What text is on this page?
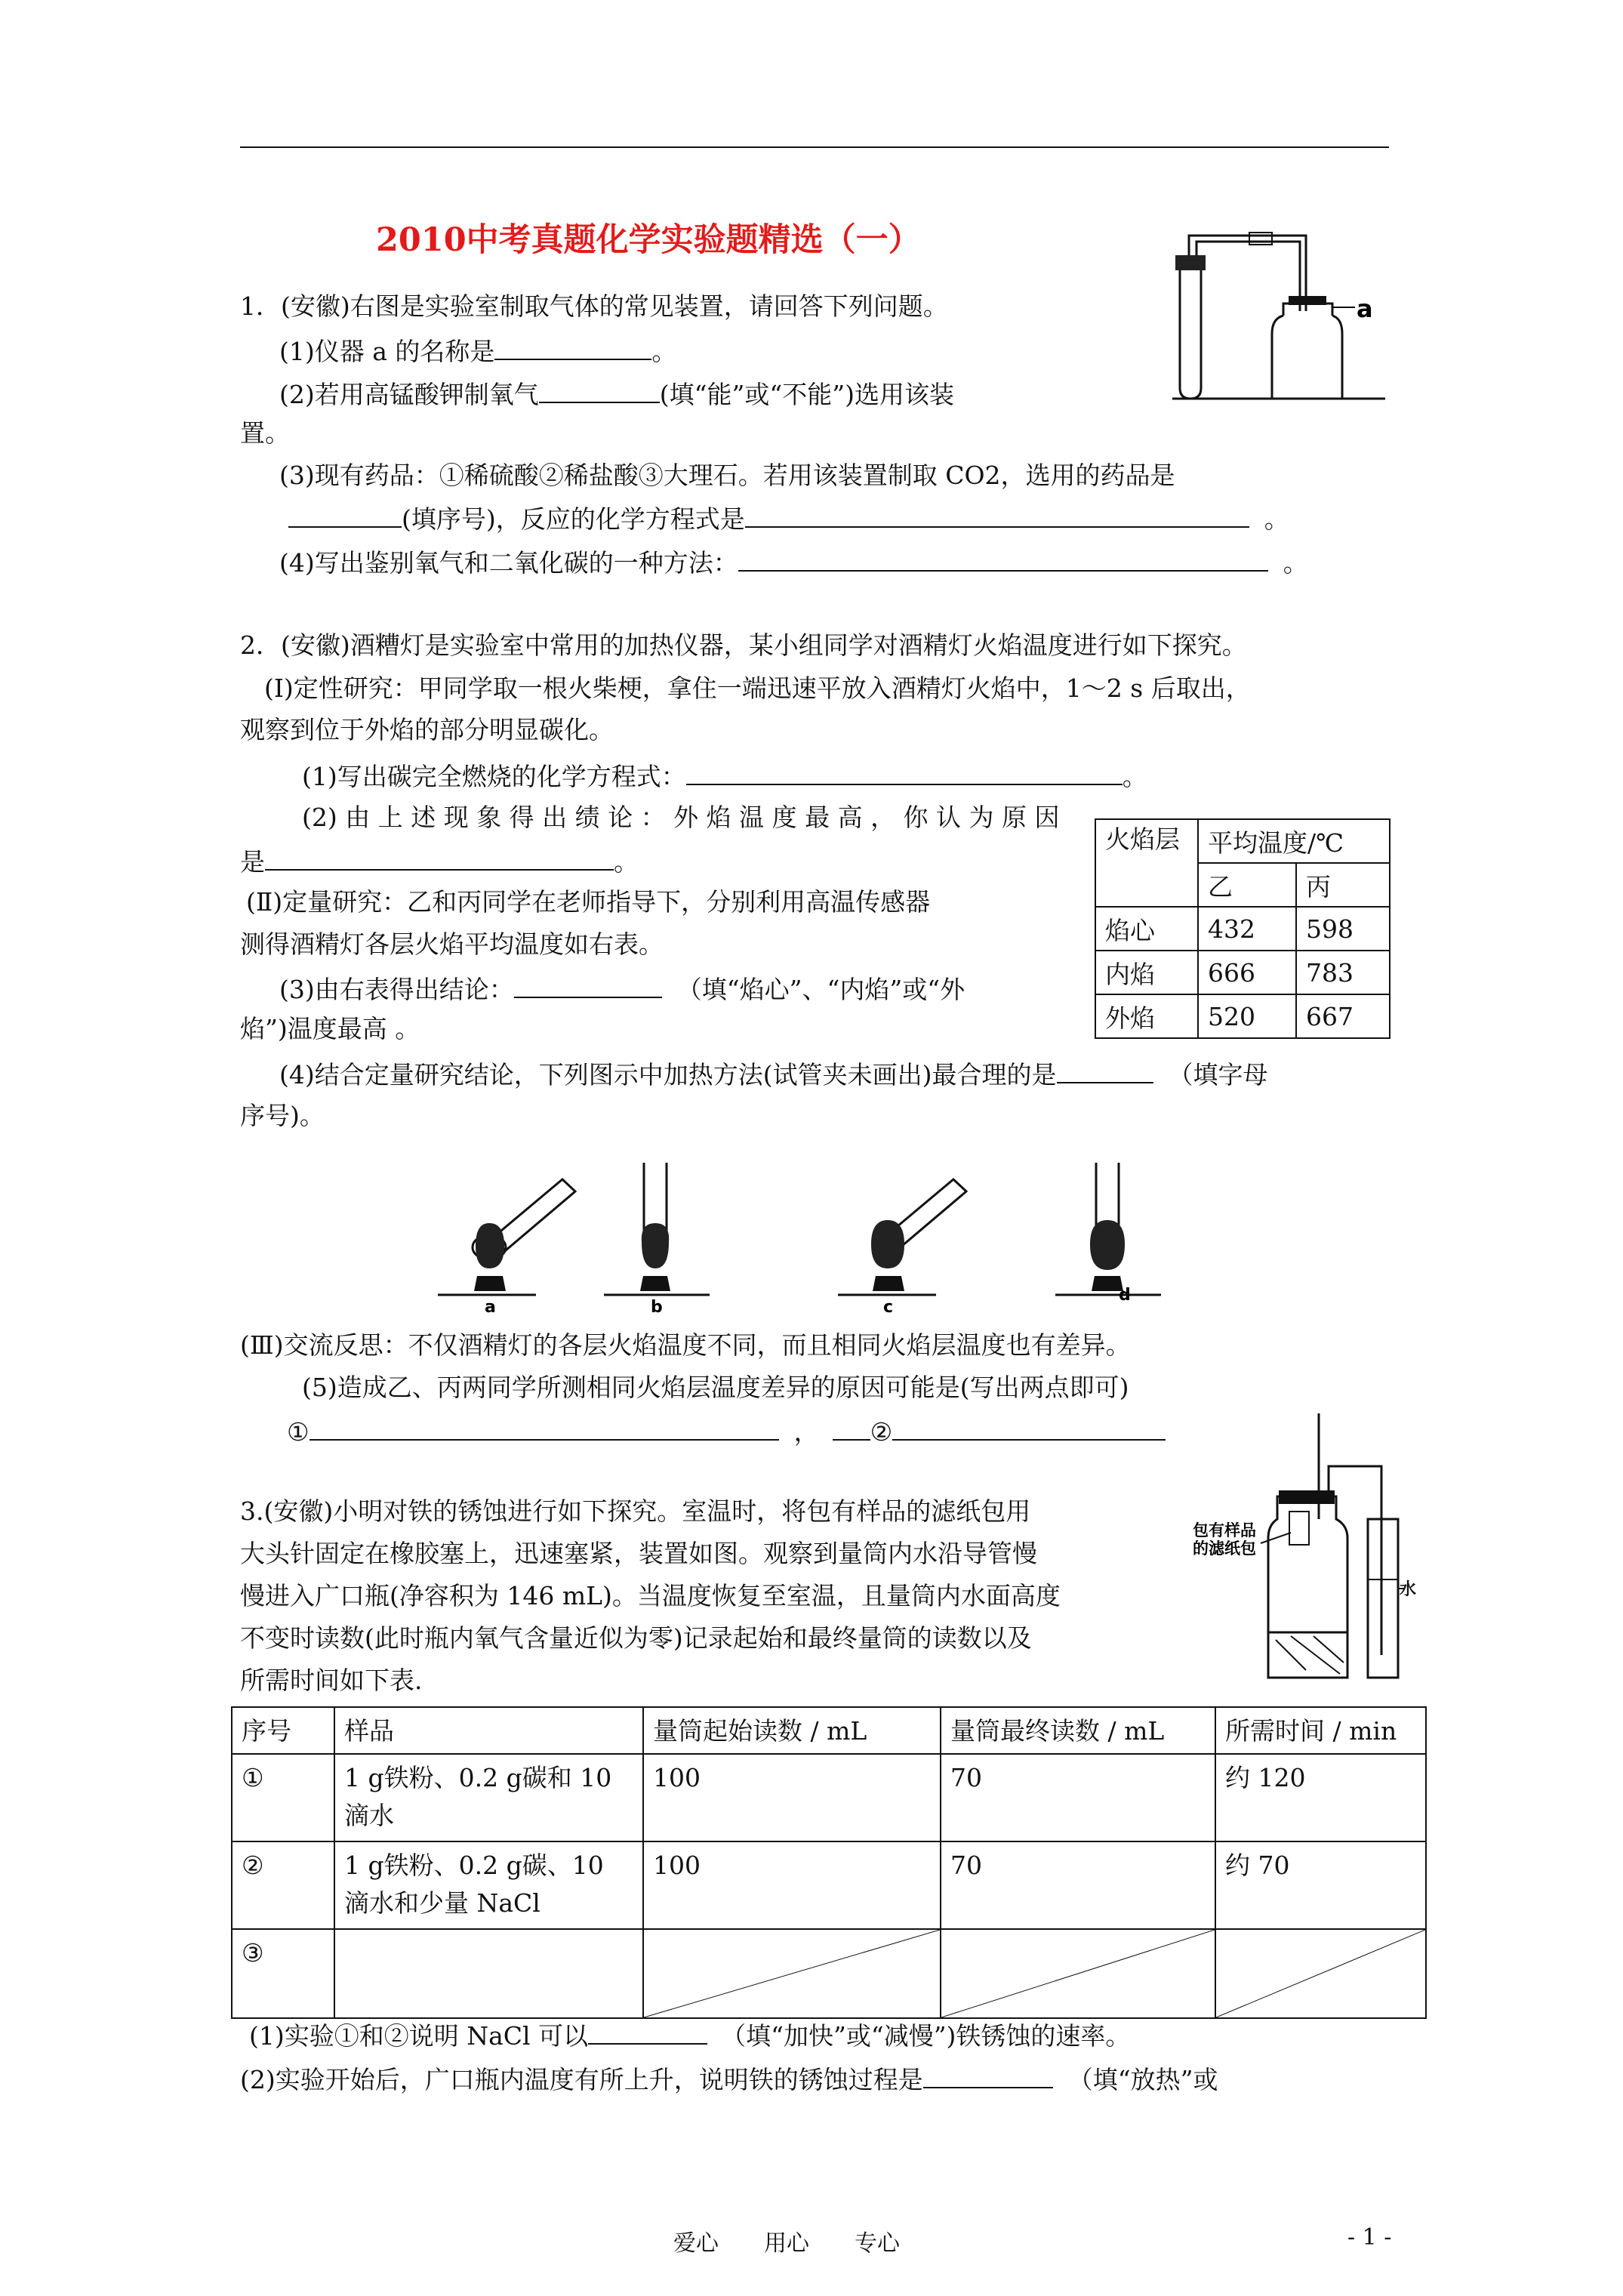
2010中考真题化学实验题精选（一）
1．(安徽)右图是实验室制取气体的常见装置，请回答下列问题。
(1)仪器 a 的名称是	。
(2)若用高锰酸钾制氧气	(填“能”或“不能”)选用该装
置。
(3)现有药品：①稀硫酸②稀盐酸③大理石。若用该装置制取 CO2，选用的药品是
(填序号)，反应的化学方程式是	。
(4)写出鉴别氧气和二氧化碳的一种方法：	。
a
2．(安徽)酒糟灯是实验室中常用的加热仪器，某小组同学对酒精灯火焰温度进行如下探究。
(Ⅰ)定性研究：甲同学取一根火柴梗，拿住一端迅速平放入酒精灯火焰中，1～2 s 后取出，
观察到位于外焰的部分明显碳化。
(1)写出碳完全燃烧的化学方程式：	。
(2) 由 上 述 现 象 得 出 绩 论 ： 外 焰 温 度 最 高 ， 你 认 为 原 因
是	。
(Ⅱ)定量研究：乙和丙同学在老师指导下，分别利用高温传感器
测得酒精灯各层火焰平均温度如右表。
(3)由右表得出结论：	（填“焰心”、“内焰”或“外
焰”)温度最高 。
(4)结合定量研究结论，下列图示中加热方法(试管夹未画出)最合理的是	（填字母
序号)。
火焰层	平均温度/℃	
	乙	丙
焰心	432	598
内焰	666	783
外焰	520	667
a	b	c
d
(Ⅲ)交流反思：不仅酒精灯的各层火焰温度不同，而且相同火焰层温度也有差异。
(5)造成乙、丙两同学所测相同火焰层温度差异的原因可能是(写出两点即可)
①	， ②
3.(安徽)小明对铁的锈蚀进行如下探究。室温时，将包有样品的滤纸包用
大头针固定在橡胶塞上，迅速塞紧，装置如图。观察到量筒内水沿导管慢
慢进入广口瓶(净容积为 146 mL)。当温度恢复至室温，且量筒内水面高度
不变时读数(此时瓶内氧气含量近似为零)记录起始和最终量筒的读数以及
所需时间如下表.
包有样品
的滤纸包
水
序号	样品	量筒起始读数 / mL	量筒最终读数 / mL	所需时间 / min
①	1 g铁粉、0.2 g碳和 10
滴水	100	70	约 120
②	1 g铁粉、0.2 g碳、10
滴水和少量 NaCl	100	70	约 70
③		

(1)实验①和②说明 NaCl 可以	（填“加快”或“减慢”)铁锈蚀的速率。
(2)实验开始后，广口瓶内温度有所上升，说明铁的锈蚀过程是	（填“放热”或
爱心　　用心　　专心	- 1 -
